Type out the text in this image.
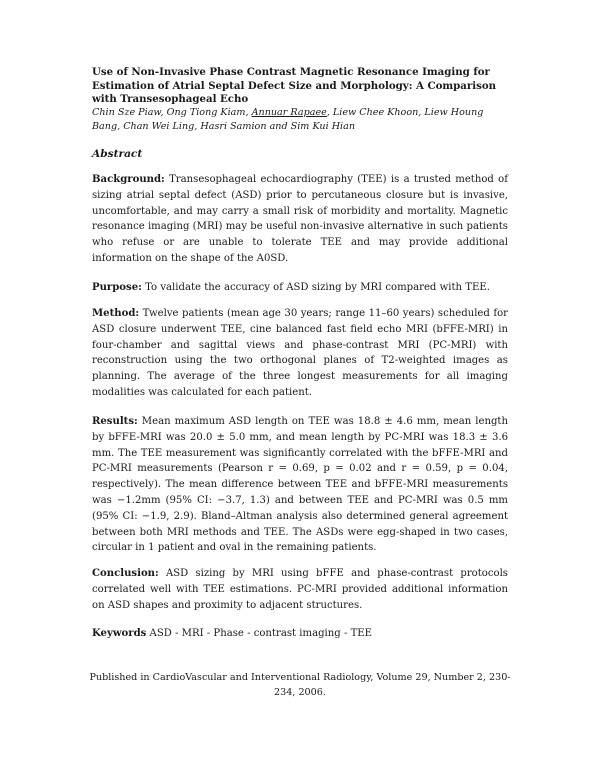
Use of Non-Invasive Phase Contrast Magnetic Resonance Imaging for Estimation of Atrial Septal Defect Size and Morphology: A Comparison with Transesophageal Echo

Chin Sze Piaw, Ong Tiong Kiam, Annuar Rapaee, Liew Chee Khoon, Liew Houng Bang, Chan Wei Ling, Hasri Samion and Sim Kui Hian

Abstract

Background: Transesophageal echocardiography (TEE) is a trusted method of sizing atrial septal defect (ASD) prior to percutaneous closure but is invasive, uncomfortable, and may carry a small risk of morbidity and mortality. Magnetic resonance imaging (MRI) may be useful non-invasive alternative in such patients who refuse or are unable to tolerate TEE and may provide additional information on the shape of the A0SD.

Purpose: To validate the accuracy of ASD sizing by MRI compared with TEE.

Method: Twelve patients (mean age 30 years; range 11–60 years) scheduled for ASD closure underwent TEE, cine balanced fast field echo MRI (bFFE-MRI) in four-chamber and sagittal views and phase-contrast MRI (PC-MRI) with reconstruction using the two orthogonal planes of T2-weighted images as planning. The average of the three longest measurements for all imaging modalities was calculated for each patient.

Results: Mean maximum ASD length on TEE was 18.8 ± 4.6 mm, mean length by bFFE-MRI was 20.0 ± 5.0 mm, and mean length by PC-MRI was 18.3 ± 3.6 mm. The TEE measurement was significantly correlated with the bFFE-MRI and PC-MRI measurements (Pearson r = 0.69, p = 0.02 and r = 0.59, p = 0.04, respectively). The mean difference between TEE and bFFE-MRI measurements was −1.2mm (95% CI: −3.7, 1.3) and between TEE and PC-MRI was 0.5 mm (95% CI: −1.9, 2.9). Bland–Altman analysis also determined general agreement between both MRI methods and TEE. The ASDs were egg-shaped in two cases, circular in 1 patient and oval in the remaining patients.

Conclusion: ASD sizing by MRI using bFFE and phase-contrast protocols correlated well with TEE estimations. PC-MRI provided additional information on ASD shapes and proximity to adjacent structures.

Keywords ASD - MRI - Phase - contrast imaging - TEE

Published in CardioVascular and Interventional Radiology, Volume 29, Number 2, 230-234, 2006.
